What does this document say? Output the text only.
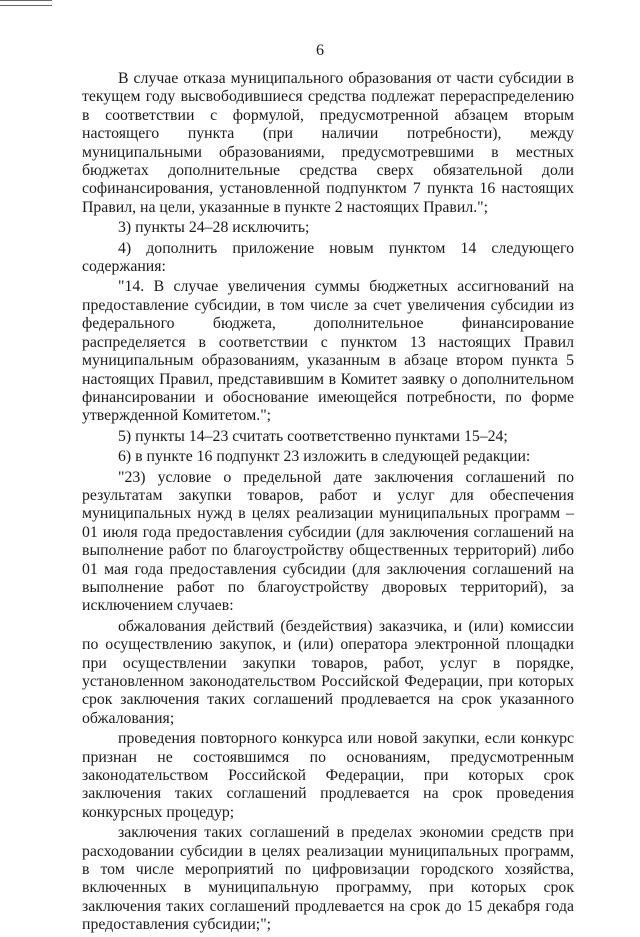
6

В случае отказа муниципального образования от части субсидии в текущем году высвободившиеся средства подлежат перераспределению в соответствии с формулой, предусмотренной абзацем вторым настоящего пункта (при наличии потребности), между муниципальными образованиями, предусмотревшими в местных бюджетах дополнительные средства сверх обязательной доли софинансирования, установленной подпунктом 7 пункта 16 настоящих Правил, на цели, указанные в пункте 2 настоящих Правил.";

3) пункты 24–28 исключить;

4) дополнить приложение новым пунктом 14 следующего содержания:

"14. В случае увеличения суммы бюджетных ассигнований на предоставление субсидии, в том числе за счет увеличения субсидии из федерального бюджета, дополнительное финансирование распределяется в соответствии с пунктом 13 настоящих Правил муниципальным образованиям, указанным в абзаце втором пункта 5 настоящих Правил, представившим в Комитет заявку о дополнительном финансировании и обоснование имеющейся потребности, по форме утвержденной Комитетом.";

5) пункты 14–23 считать соответственно пунктами 15–24;

6) в пункте 16 подпункт 23 изложить в следующей редакции:

"23) условие о предельной дате заключения соглашений по результатам закупки товаров, работ и услуг для обеспечения муниципальных нужд в целях реализации муниципальных программ – 01 июля года предоставления субсидии (для заключения соглашений на выполнение работ по благоустройству общественных территорий) либо 01 мая года предоставления субсидии (для заключения соглашений на выполнение работ по благоустройству дворовых территорий), за исключением случаев:

обжалования действий (бездействия) заказчика, и (или) комиссии по осуществлению закупок, и (или) оператора электронной площадки при осуществлении закупки товаров, работ, услуг в порядке, установленном законодательством Российской Федерации, при которых срок заключения таких соглашений продлевается на срок указанного обжалования;

проведения повторного конкурса или новой закупки, если конкурс признан не состоявшимся по основаниям, предусмотренным законодательством Российской Федерации, при которых срок заключения таких соглашений продлевается на срок проведения конкурсных процедур;

заключения таких соглашений в пределах экономии средств при расходовании субсидии в целях реализации муниципальных программ, в том числе мероприятий по цифровизации городского хозяйства, включенных в муниципальную программу, при которых срок заключения таких соглашений продлевается на срок до 15 декабря года предоставления субсидии;";
